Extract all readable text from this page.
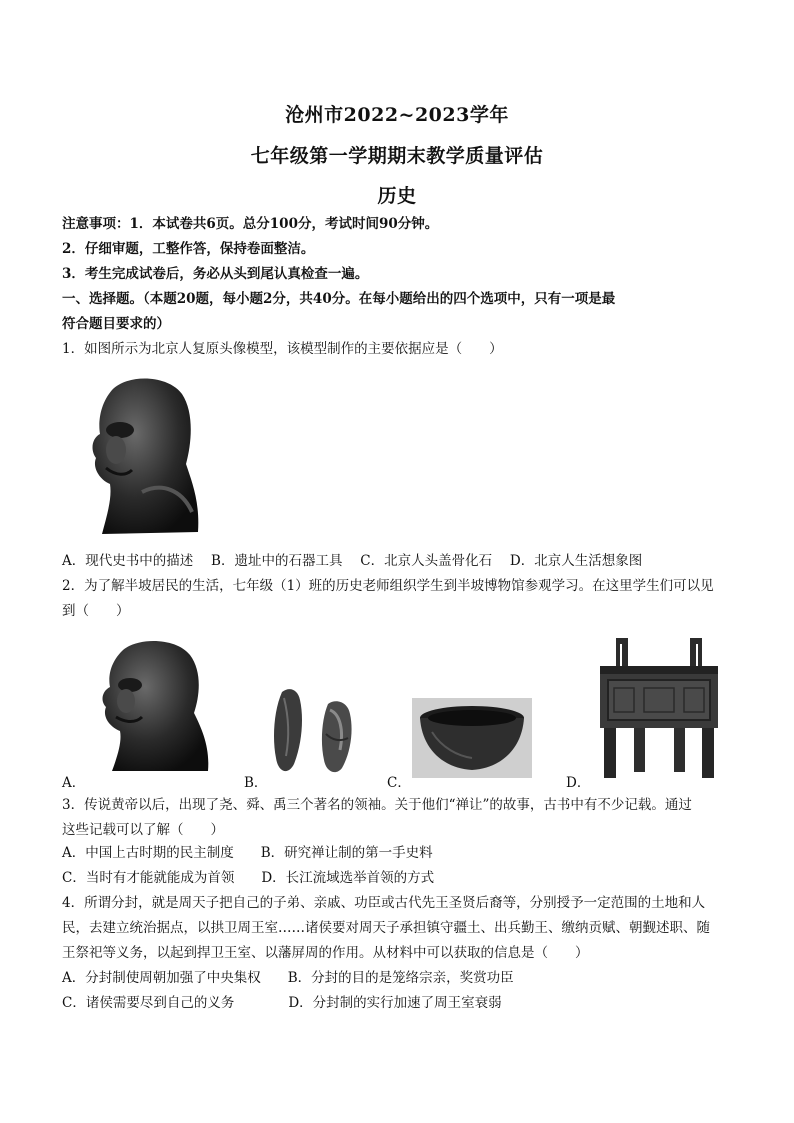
沧州市2022~2023学年
七年级第一学期期末教学质量评估
历史
注意事项：1．本试卷共6页。总分100分，考试时间90分钟。
2．仔细审题，工整作答，保持卷面整洁。
3．考生完成试卷后，务必从头到尾认真检查一遍。
一、选择题。（本题20题，每小题2分，共40分。在每小题给出的四个选项中，只有一项是最
符合题目要求的）
1．如图所示为北京人复原头像模型，该模型制作的主要依据应是（　　）
A．现代史书中的描述　 B．遗址中的石器工具　 C．北京人头盖骨化石　 D．北京人生活想象图
2．为了解半坡居民的生活，七年级（1）班的历史老师组织学生到半坡博物馆参观学习。在这里学生们可以见
到（　　）
A．	B．	C．	D．
3．传说黄帝以后，出现了尧、舜、禹三个著名的领袖。关于他们“禅让”的故事，古书中有不少记载。通过
这些记载可以了解（　　）
A．中国上古时期的民主制度　　B．研究禅让制的第一手史料
C．当时有才能就能成为首领　　D．长江流域选举首领的方式
4．所谓分封，就是周天子把自己的子弟、亲戚、功臣或古代先王圣贤后裔等，分别授予一定范围的土地和人
民，去建立统治据点，以拱卫周王室……诸侯要对周天子承担镇守疆土、出兵勤王、缴纳贡赋、朝觐述职、随
王祭祀等义务，以起到捍卫王室、以藩屏周的作用。从材料中可以获取的信息是（　　）
A．分封制使周朝加强了中央集权　　B．分封的目的是笼络宗亲，奖赏功臣
C．诸侯需要尽到自己的义务　　　　D．分封制的实行加速了周王室衰弱
